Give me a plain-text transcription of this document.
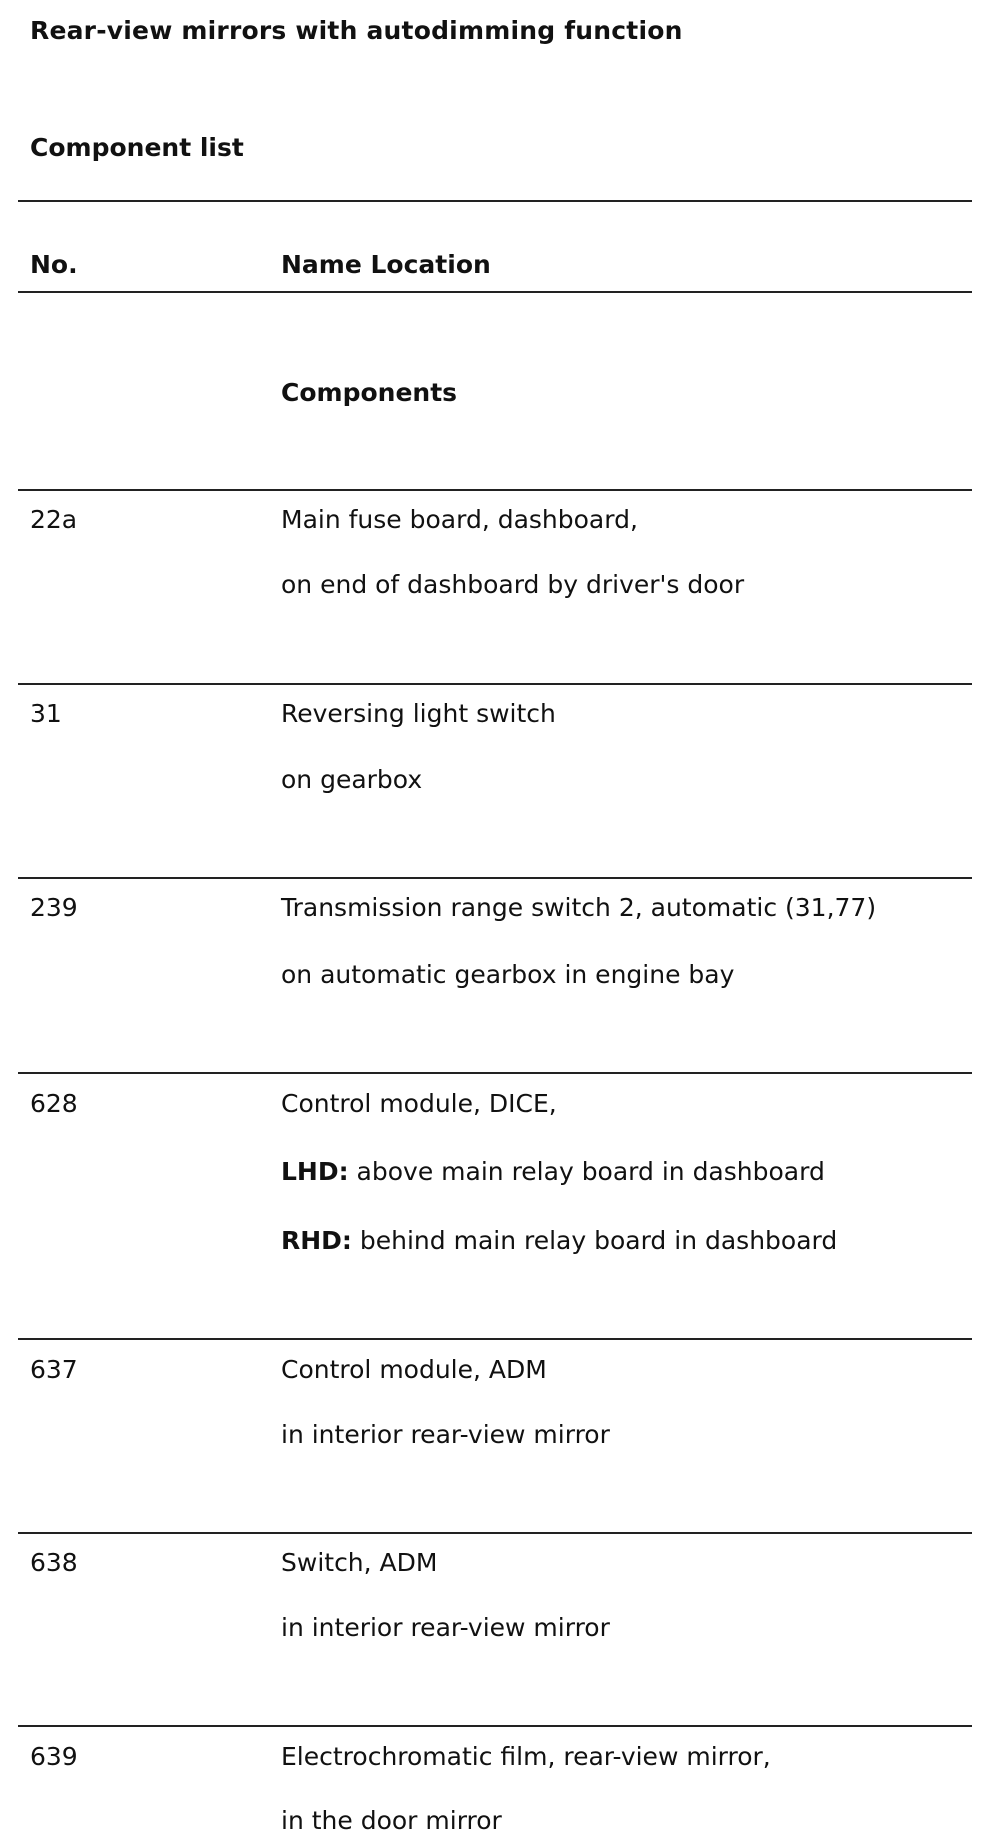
Rear-view mirrors with autodimming function
Component list
No.	Name Location
Components
22a	Main fuse board, dashboard,
on end of dashboard by driver's door
31	Reversing light switch
on gearbox
239	Transmission range switch 2, automatic (31,77)
on automatic gearbox in engine bay
628	Control module, DICE,
LHD: above main relay board in dashboard
RHD: behind main relay board in dashboard
637	Control module, ADM
in interior rear-view mirror
638	Switch, ADM
in interior rear-view mirror
639	Electrochromatic film, rear-view mirror,
in the door mirror
